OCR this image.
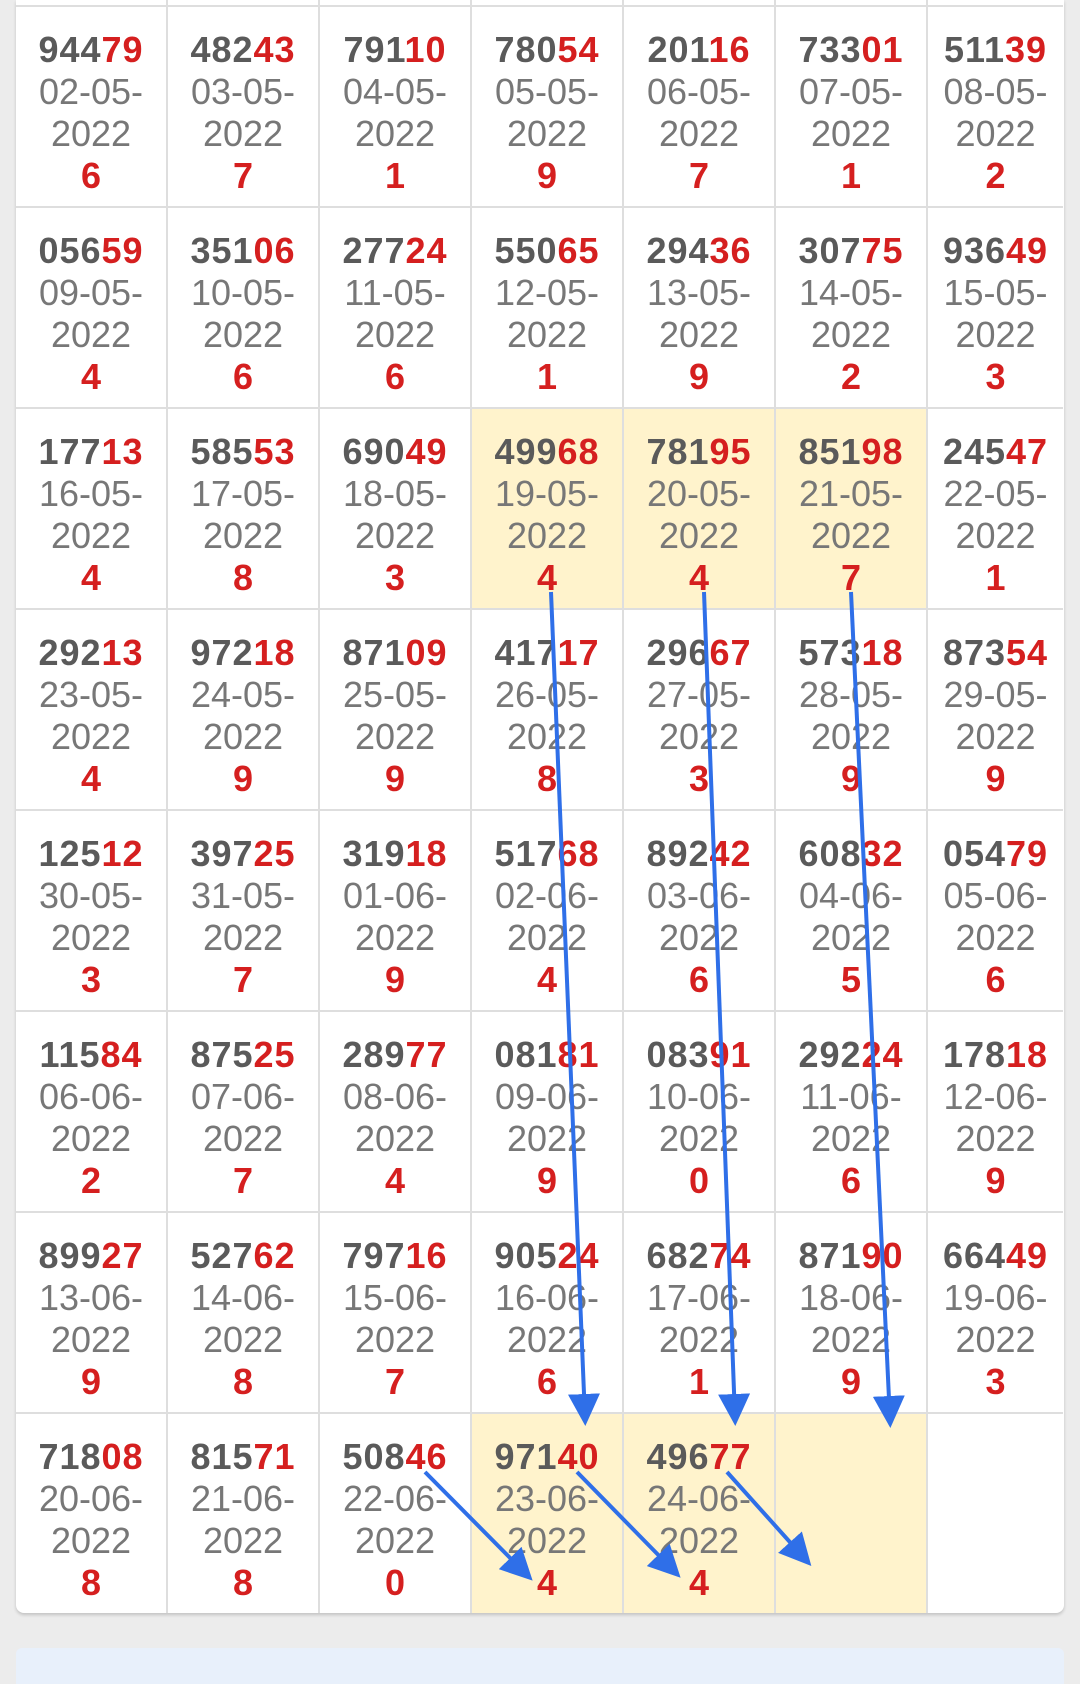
94479
02-05-
2022
6
48243
03-05-
2022
7
79110
04-05-
2022
1
78054
05-05-
2022
9
20116
06-05-
2022
7
73301
07-05-
2022
1
51139
08-05-
2022
2
05659
09-05-
2022
4
35106
10-05-
2022
6
27724
11-05-
2022
6
55065
12-05-
2022
1
29436
13-05-
2022
9
30775
14-05-
2022
2
93649
15-05-
2022
3
17713
16-05-
2022
4
58553
17-05-
2022
8
69049
18-05-
2022
3
49968
19-05-
2022
4
78195
20-05-
2022
4
85198
21-05-
2022
7
24547
22-05-
2022
1
29213
23-05-
2022
4
97218
24-05-
2022
9
87109
25-05-
2022
9
41717
26-05-
2022
8
29667
27-05-
2022
3
57318
28-05-
2022
9
87354
29-05-
2022
9
12512
30-05-
2022
3
39725
31-05-
2022
7
31918
01-06-
2022
9
51768
02-06-
2022
4
89242
03-06-
2022
6
60832
04-06-
2022
5
05479
05-06-
2022
6
11584
06-06-
2022
2
87525
07-06-
2022
7
28977
08-06-
2022
4
08181
09-06-
2022
9
08391
10-06-
2022
0
29224
11-06-
2022
6
17818
12-06-
2022
9
89927
13-06-
2022
9
52762
14-06-
2022
8
79716
15-06-
2022
7
90524
16-06-
2022
6
68274
17-06-
2022
1
87190
18-06-
2022
9
66449
19-06-
2022
3
71808
20-06-
2022
8
81571
21-06-
2022
8
50846
22-06-
2022
0
97140
23-06-
2022
4
49677
24-06-
2022
4
